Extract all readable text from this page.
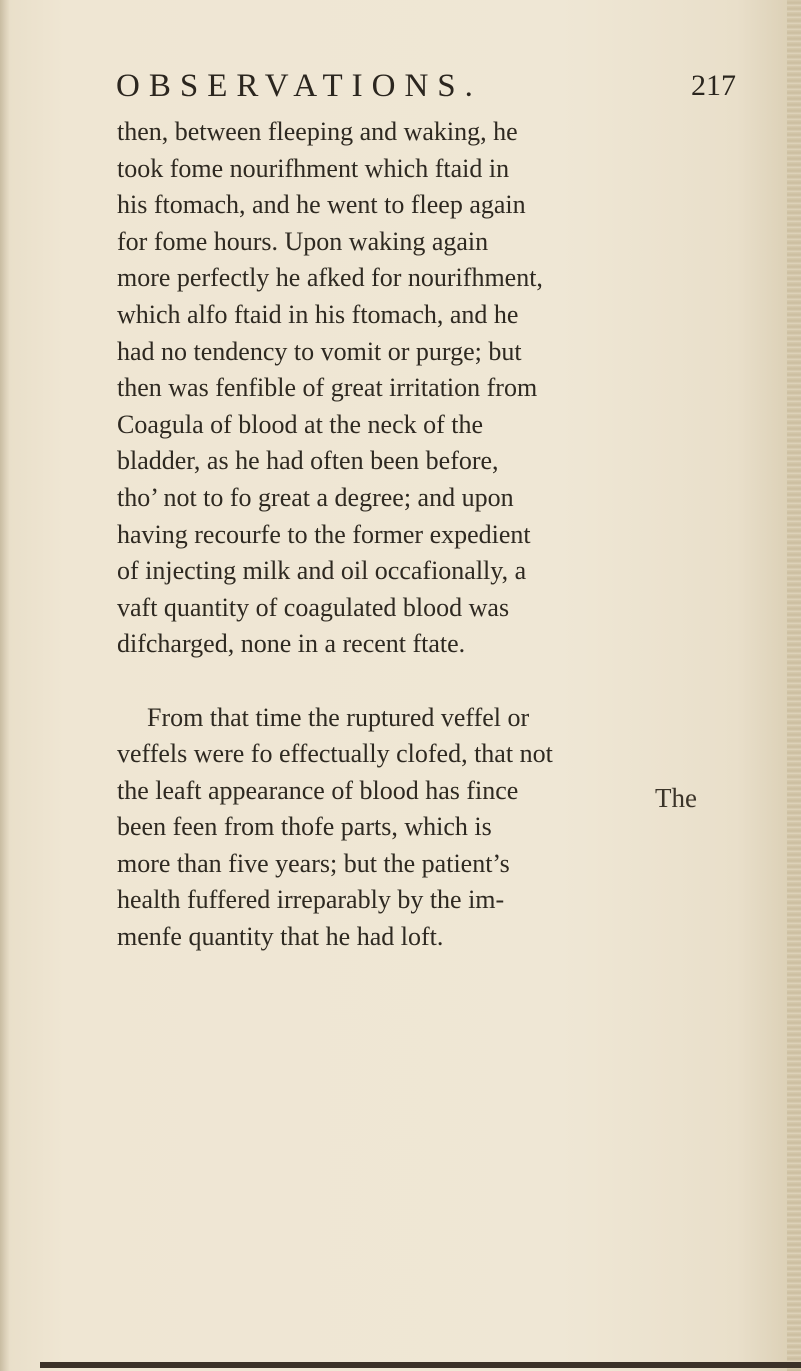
OBSERVATIONS.	217
then, between fleeping and waking, he
took fome nourifhment which ftaid in
his ftomach, and he went to fleep again
for fome hours. Upon waking again
more perfectly he afked for nourifhment,
which alfo ftaid in his ftomach, and he
had no tendency to vomit or purge; but
then was fenfible of great irritation from
Coagula of blood at the neck of the
bladder, as he had often been before,
tho’ not to fo great a degree; and upon
having recourfe to the former expedient
of injecting milk and oil occafionally, a
vaft quantity of coagulated blood was
difcharged, none in a recent ftate.
From that time the ruptured veffel or
veffels were fo effectually clofed, that not
the leaft appearance of blood has fince
been feen from thofe parts, which is
more than five years; but the patient’s
health fuffered irreparably by the im-
menfe quantity that he had loft.
The
